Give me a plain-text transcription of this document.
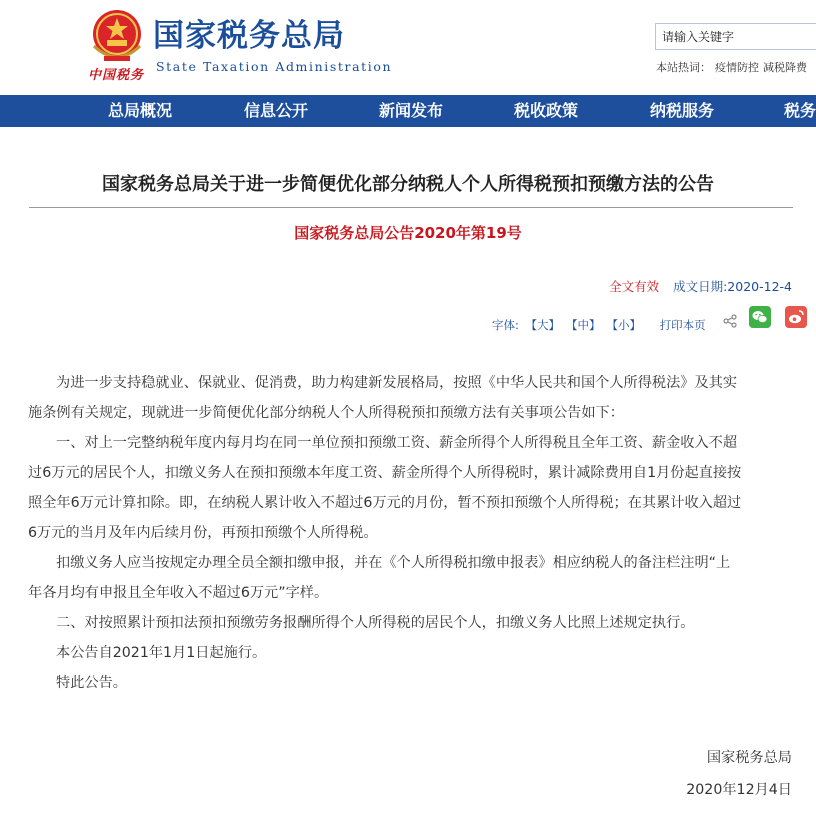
中国税务
国家税务总局
State Taxation Administration
请输入关键字	本站热词： 疫情防控 减税降费
总局概况	信息公开	新闻发布	税收政策	纳税服务	税务
国家税务总局关于进一步简便优化部分纳税人个人所得税预扣预缴方法的公告
国家税务总局公告2020年第19号
全文有效 成文日期:2020-12-4
字体: 【大】 【中】 【小】 打印本页

为进一步支持稳就业、保就业、促消费，助力构建新发展格局，按照《中华人民共和国个人所得税法》及其实

施条例有关规定，现就进一步简便优化部分纳税人个人所得税预扣预缴方法有关事项公告如下：

一、对上一完整纳税年度内每月均在同一单位预扣预缴工资、薪金所得个人所得税且全年工资、薪金收入不超

过6万元的居民个人，扣缴义务人在预扣预缴本年度工资、薪金所得个人所得税时，累计减除费用自1月份起直接按

照全年6万元计算扣除。即，在纳税人累计收入不超过6万元的月份，暂不预扣预缴个人所得税；在其累计收入超过

6万元的当月及年内后续月份，再预扣预缴个人所得税。

扣缴义务人应当按规定办理全员全额扣缴申报，并在《个人所得税扣缴申报表》相应纳税人的备注栏注明“上

年各月均有申报且全年收入不超过6万元”字样。

二、对按照累计预扣法预扣预缴劳务报酬所得个人所得税的居民个人，扣缴义务人比照上述规定执行。

本公告自2021年1月1日起施行。

特此公告。

国家税务总局
2020年12月4日
